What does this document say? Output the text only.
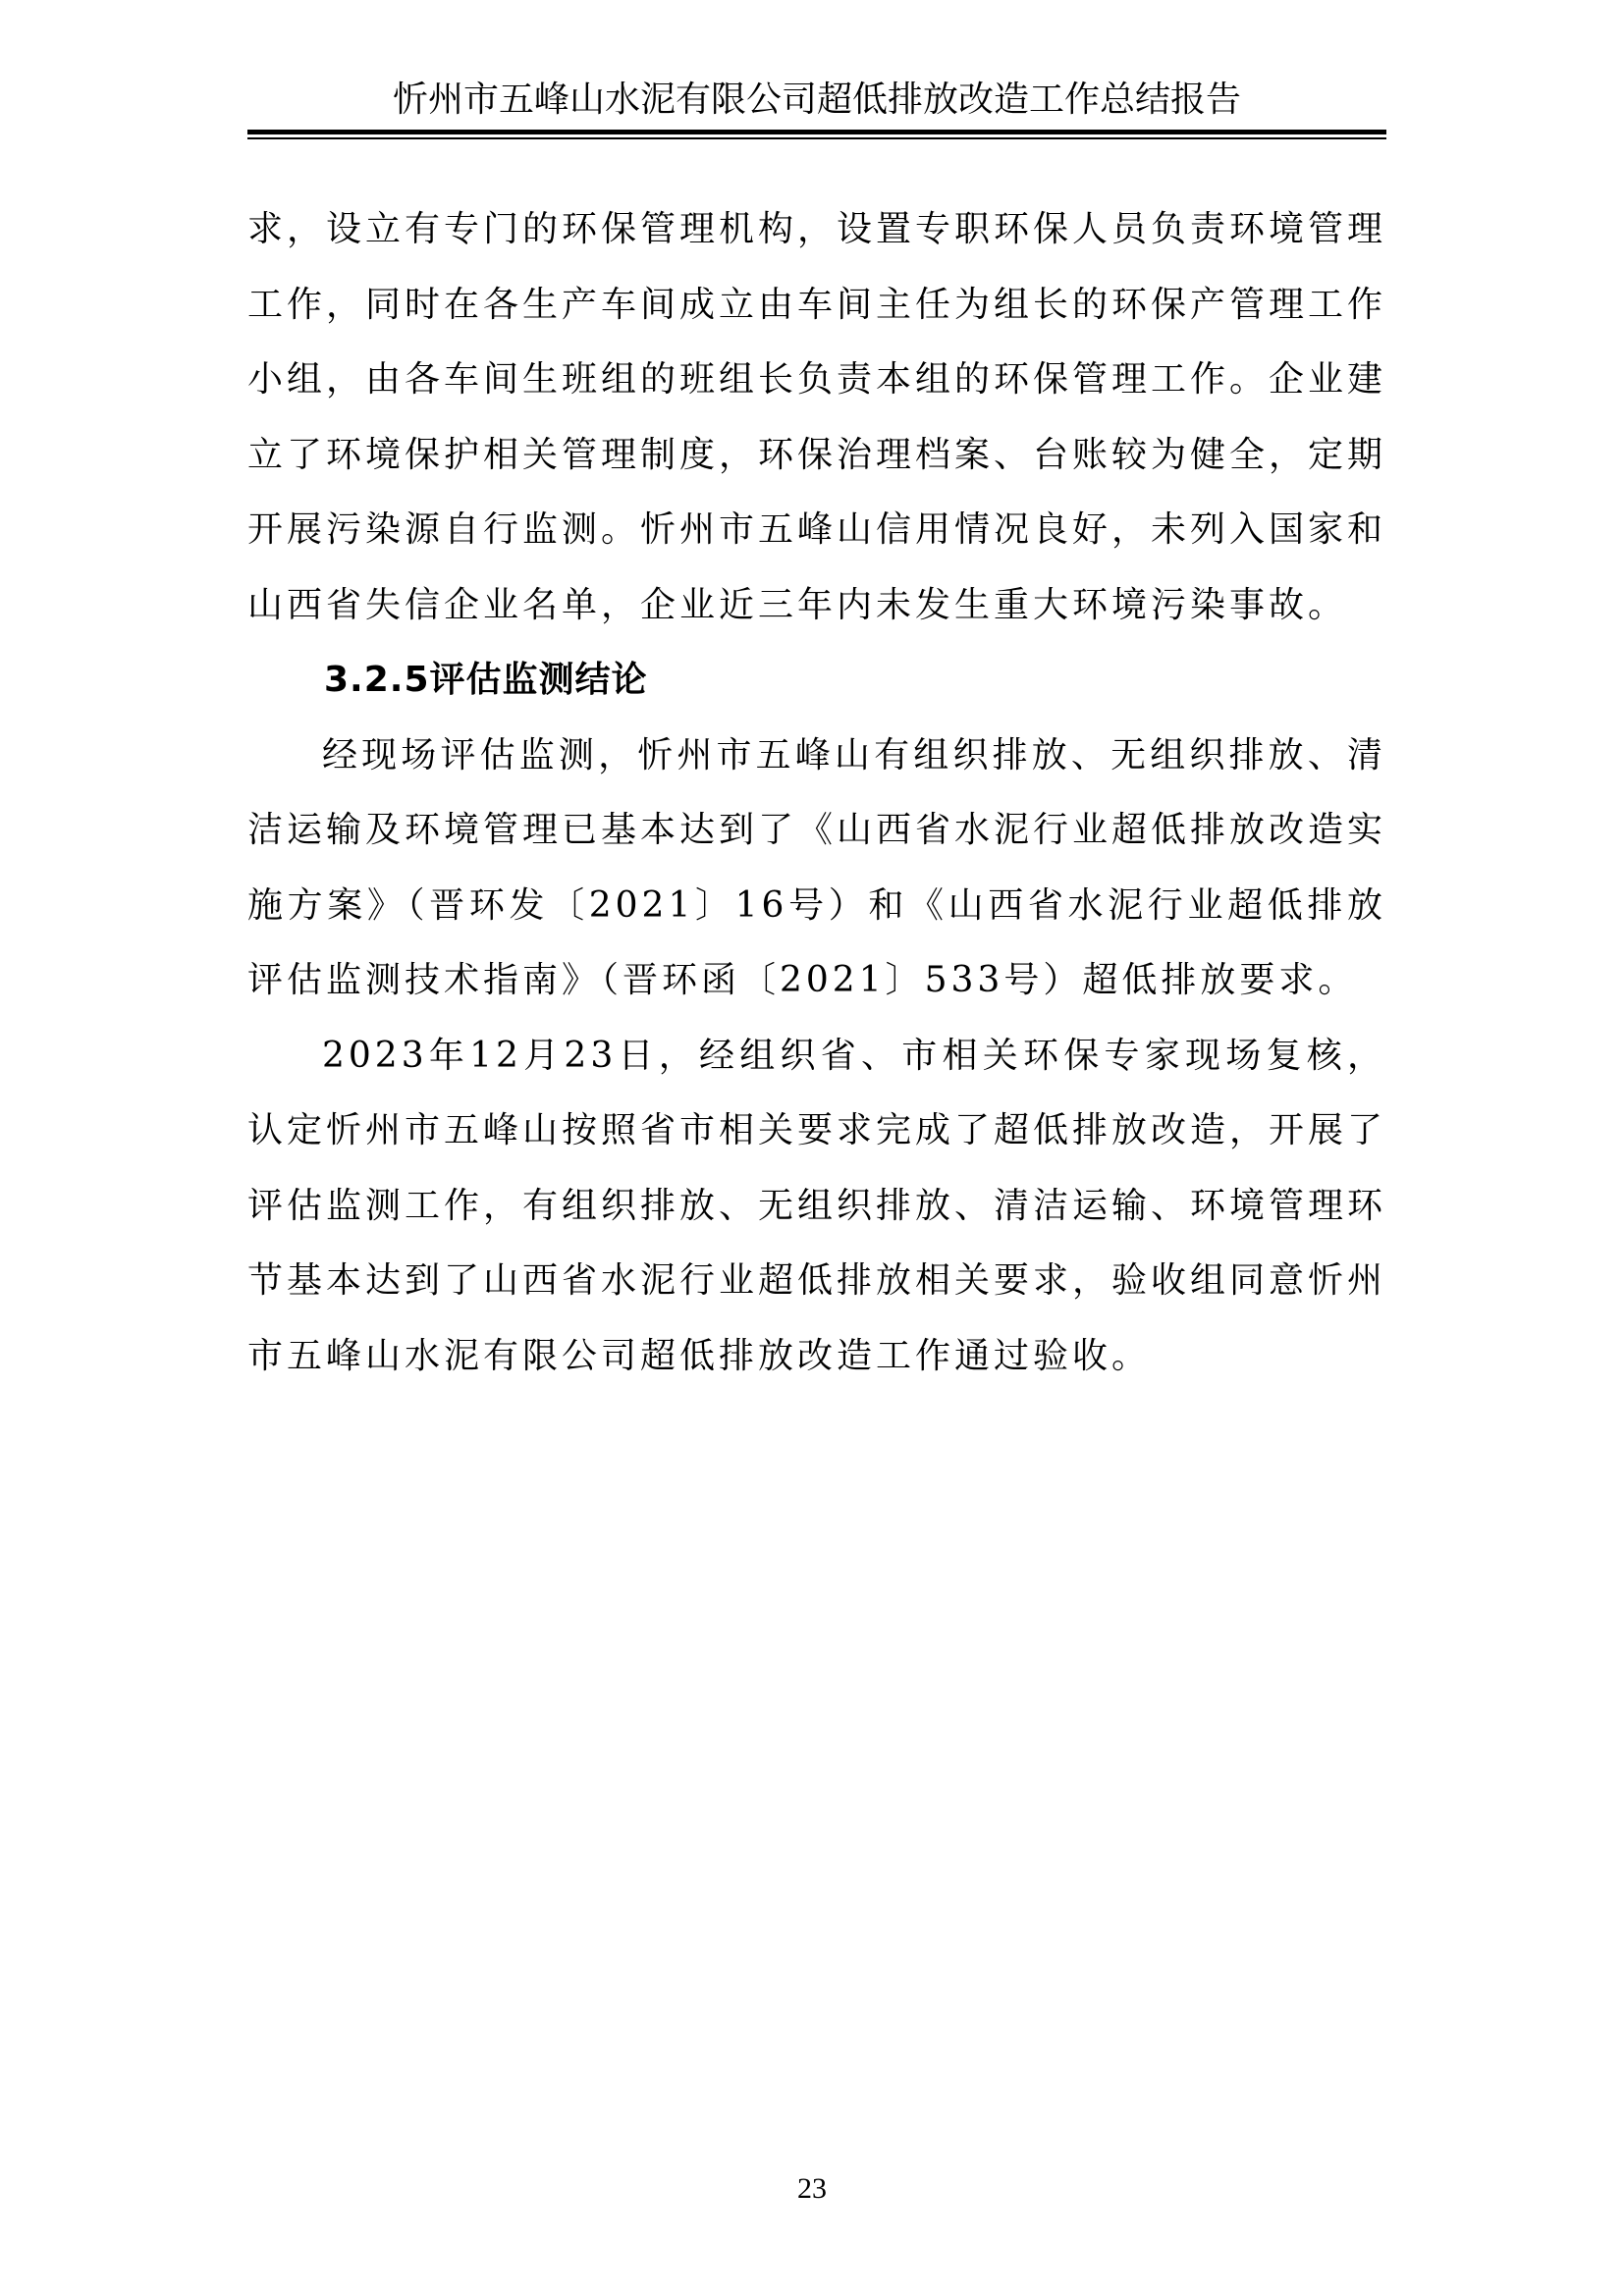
忻州市五峰山水泥有限公司超低排放改造工作总结报告

求，设立有专门的环保管理机构，设置专职环保人员负责环境管理工作，同时在各生产车间成立由车间主任为组长的环保产管理工作小组，由各车间生班组的班组长负责本组的环保管理工作。企业建立了环境保护相关管理制度，环保治理档案、台账较为健全，定期开展污染源自行监测。忻州市五峰山信用情况良好，未列入国家和山西省失信企业名单，企业近三年内未发生重大环境污染事故。

3.2.5评估监测结论

经现场评估监测，忻州市五峰山有组织排放、无组织排放、清洁运输及环境管理已基本达到了《山西省水泥行业超低排放改造实施方案》（晋环发〔2021〕16号）和《山西省水泥行业超低排放评估监测技术指南》（晋环函〔2021〕533号）超低排放要求。

2023年12月23日，经组织省、市相关环保专家现场复核，认定忻州市五峰山按照省市相关要求完成了超低排放改造，开展了评估监测工作，有组织排放、无组织排放、清洁运输、环境管理环节基本达到了山西省水泥行业超低排放相关要求，验收组同意忻州市五峰山水泥有限公司超低排放改造工作通过验收。

23
